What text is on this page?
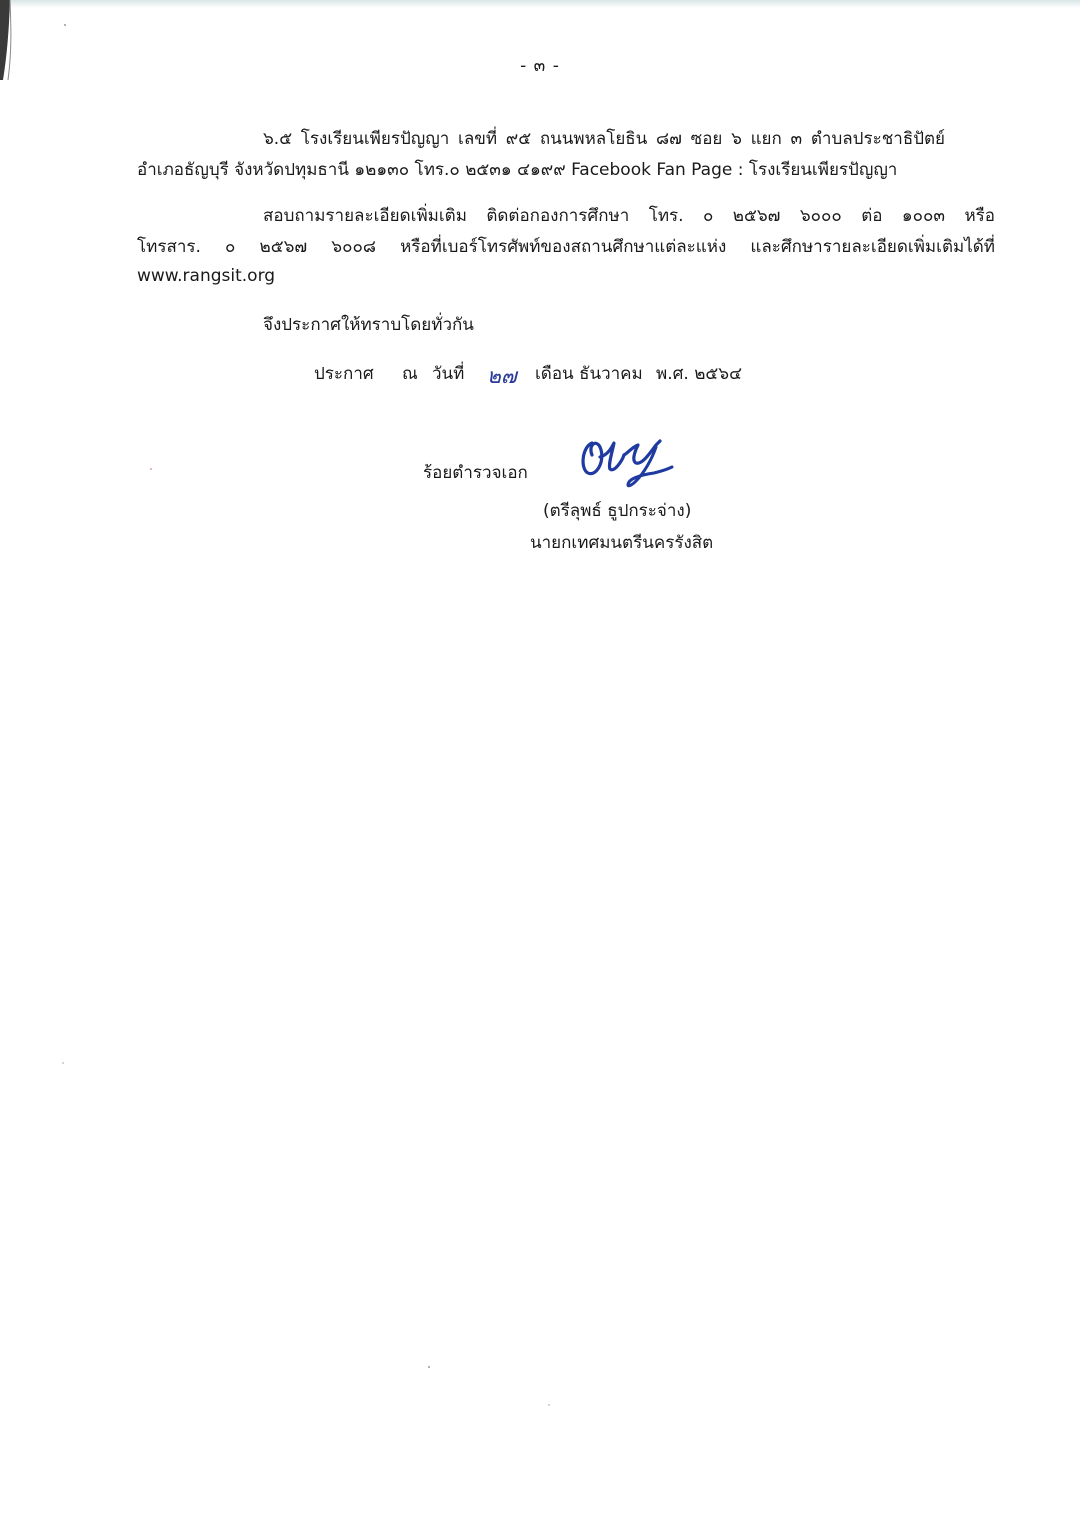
- ๓ -
๖.๕ โรงเรียนเพียรปัญญา เลขที่ ๙๕ ถนนพหลโยธิน ๘๗ ซอย ๖ แยก ๓ ตำบลประชาธิปัตย์
อำเภอธัญบุรี จังหวัดปทุมธานี ๑๒๑๓๐ โทร.๐ ๒๕๓๑ ๔๑๙๙ Facebook Fan Page : โรงเรียนเพียรปัญญา
สอบถามรายละเอียดเพิ่มเติม ติดต่อกองการศึกษา โทร. ๐ ๒๕๖๗ ๖๐๐๐ ต่อ ๑๐๐๓ หรือ
โทรสาร. ๐ ๒๕๖๗ ๖๐๐๘ หรือที่เบอร์โทรศัพท์ของสถานศึกษาแต่ละแห่ง และศึกษารายละเอียดเพิ่มเติมได้ที่
www.rangsit.org
จึงประกาศให้ทราบโดยทั่วกัน
ประกาศ ณ วันที่ ๒๗ เดือน ธันวาคม พ.ศ. ๒๕๖๔
ร้อยตำรวจเอก
(ตรีลุพธ์ ธูปกระจ่าง)
นายกเทศมนตรีนครรังสิต
